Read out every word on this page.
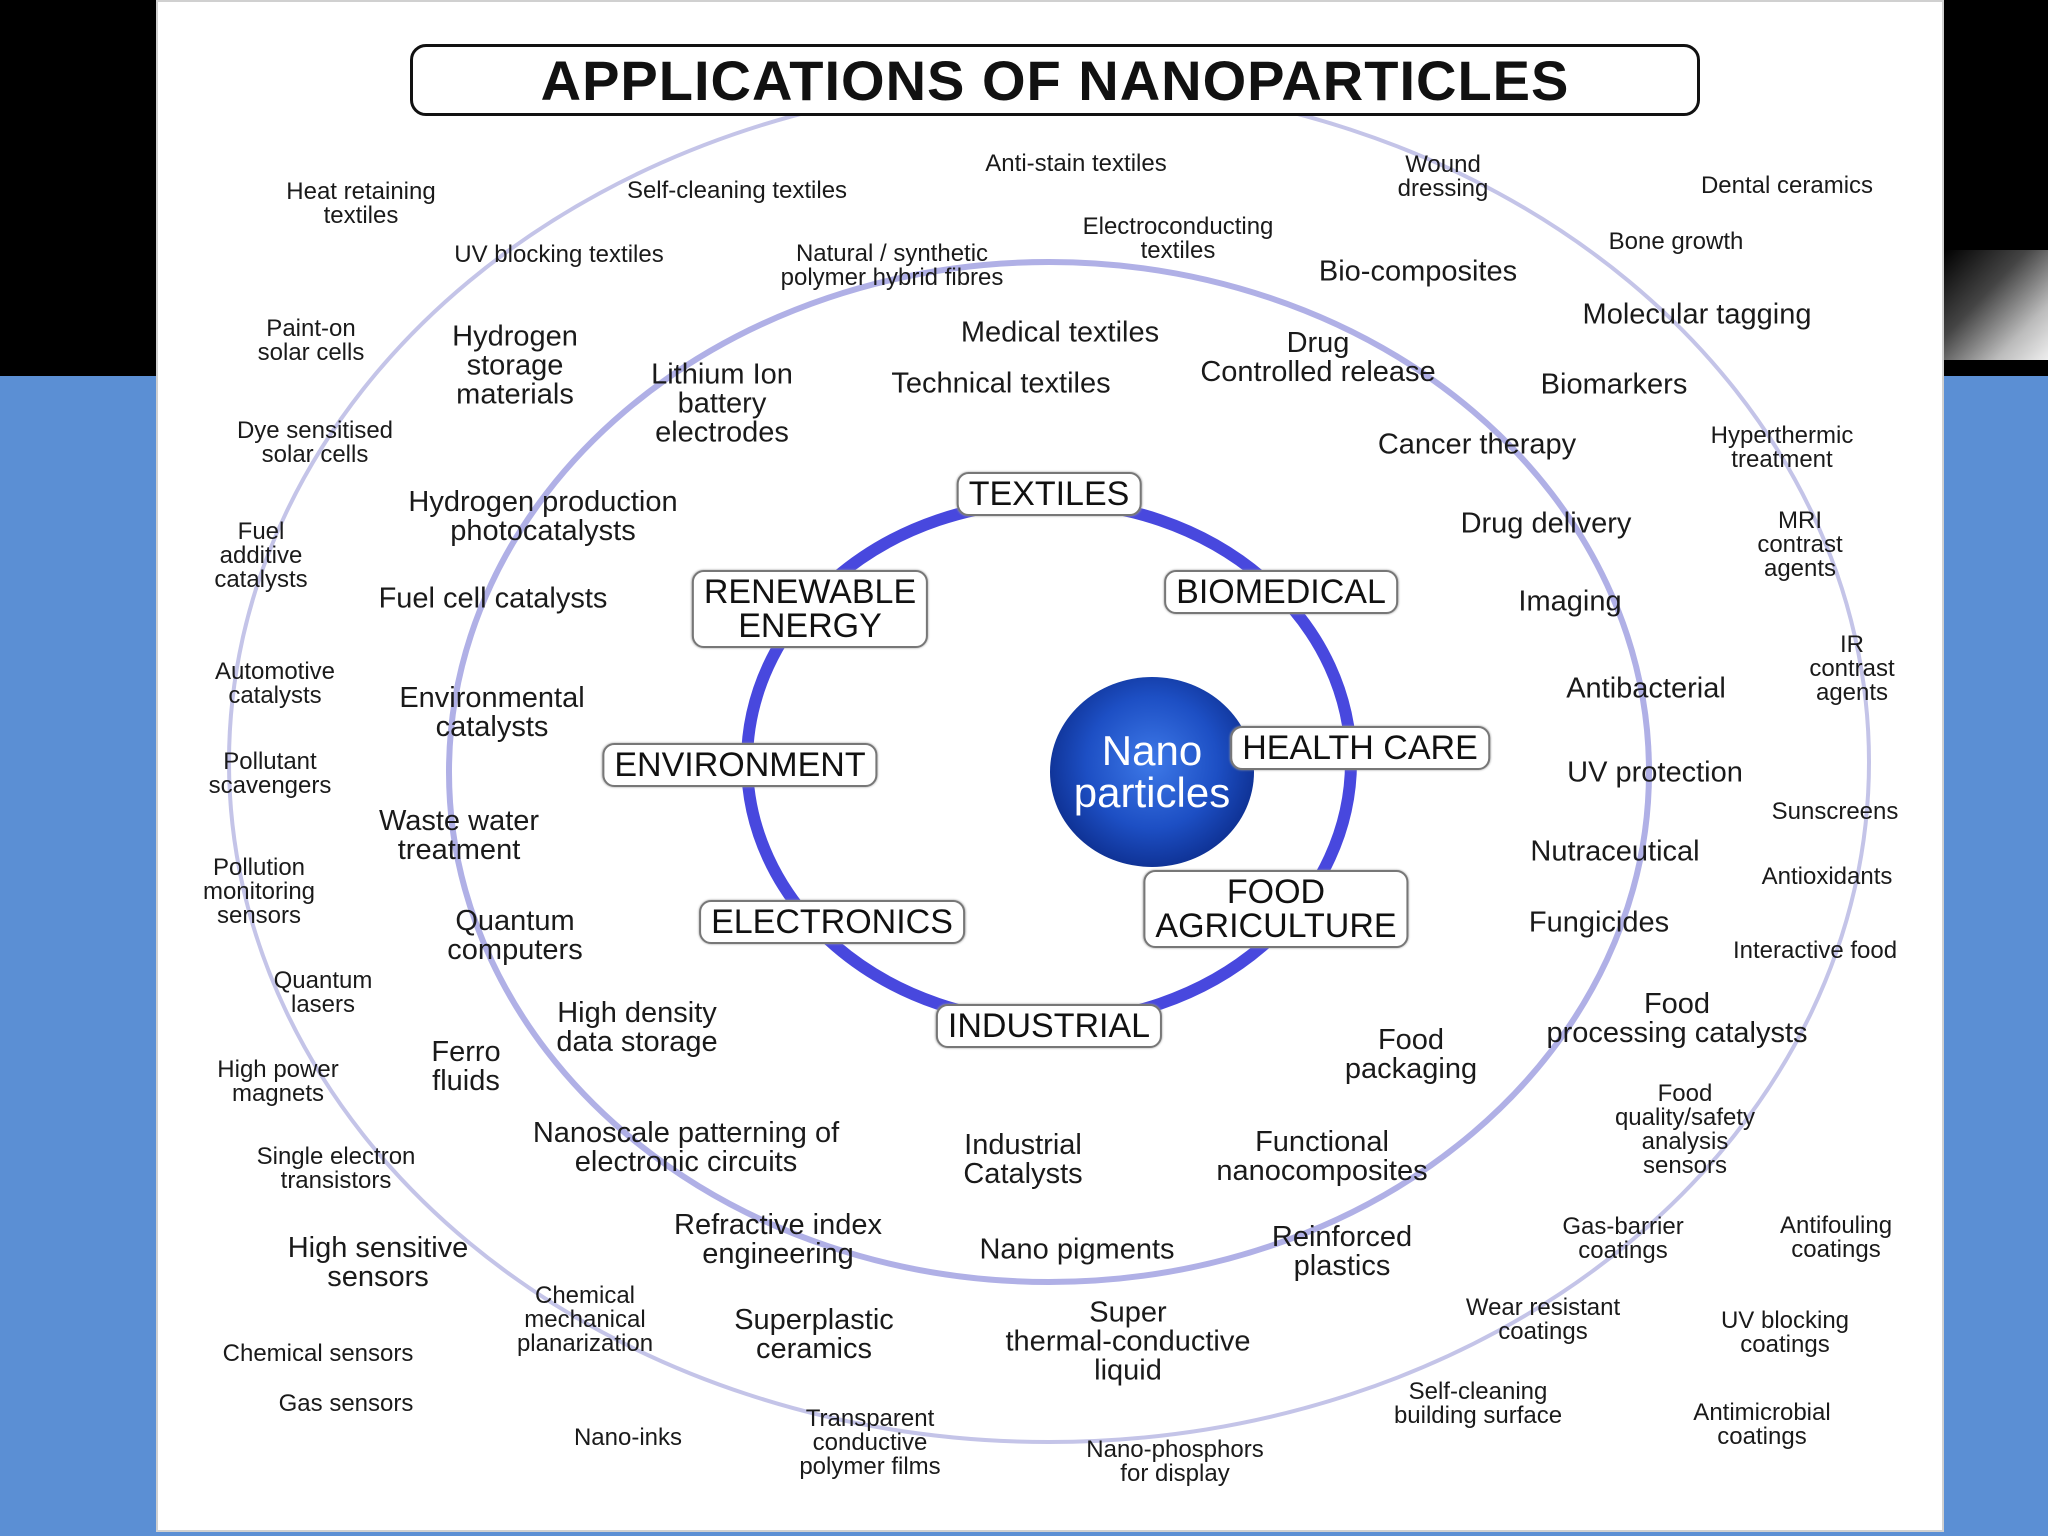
APPLICATIONS OF NANOPARTICLES
Nano
particles
TEXTILES
BIOMEDICAL
HEALTH CARE
FOOD
AGRICULTURE
INDUSTRIAL
ELECTRONICS
ENVIRONMENT
RENEWABLE
ENERGY
Heat retaining
textiles
Self-cleaning textiles
Anti-stain textiles	Wound
dressing	Dental ceramics
UV blocking textiles	Natural / synthetic
polymer hybrid fibres
Electroconducting
textiles
Bio-composites
Bone growth
Paint-on
solar cells	Hydrogen
storage
materials
Lithium Ion
battery
electrodes
Medical textiles
Technical textiles
Drug
Controlled release
Molecular tagging
Biomarkers
Dye sensitised
solar cells	Cancer therapy	Hyperthermic
treatment
Hydrogen production
photocatalysts
Fuel
additive
catalysts
Drug delivery	MRI
contrast
agents
Fuel cell catalysts	Imaging
Automotive
catalysts	Environmental
catalysts
Antibacterial
IR
contrast
agents
Pollutant
scavengers	UV protection
Sunscreens
Waste water
treatment
Pollution
monitoring
sensors
Nutraceutical
Antioxidants
Quantum
computers
Fungicides
Interactive food
Quantum
lasers	High density
data storage
Food
processing catalysts
Ferro
fluids
High power
magnets
Food
packaging
Food
quality/safety
analysis
sensors
Nanoscale patterning of
electronic circuits
Industrial
Catalysts
Functional
nanocomposites
Single electron
transistors
Refractive index
engineering
Reinforced
plastics
Gas-barrier
coatings
Antifouling
coatings
High sensitive
sensors
Nano pigments
Chemical
mechanical
planarization
Superplastic
ceramics
Super
thermal-conductive
liquid
Wear resistant
coatings	UV blocking
coatings
Chemical sensors
Gas sensors	Self-cleaning
building surface	Antimicrobial
coatings
Nano-inks
Transparent
conductive
polymer films
Nano-phosphors
for display
